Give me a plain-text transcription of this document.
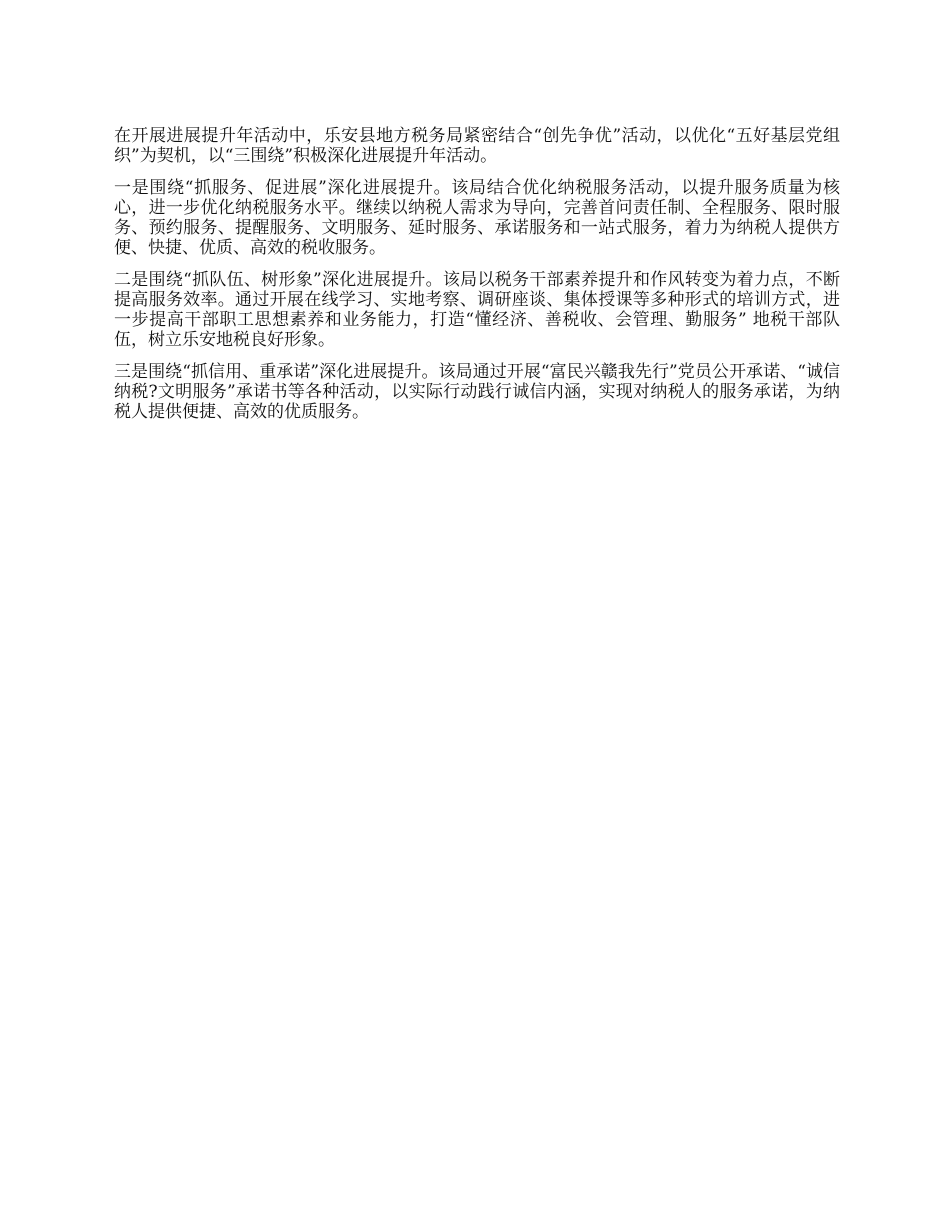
在开展进展提升年活动中，乐安县地方税务局紧密结合“创先争优”活动，以优化“五好基层党组织”为契机，以“三围绕”积极深化进展提升年活动。

一是围绕“抓服务、促进展”深化进展提升。该局结合优化纳税服务活动，以提升服务质量为核心，进一步优化纳税服务水平。继续以纳税人需求为导向，完善首问责任制、全程服务、限时服务、预约服务、提醒服务、文明服务、延时服务、承诺服务和一站式服务，着力为纳税人提供方便、快捷、优质、高效的税收服务。

二是围绕“抓队伍、树形象”深化进展提升。该局以税务干部素养提升和作风转变为着力点，不断提高服务效率。通过开展在线学习、实地考察、调研座谈、集体授课等多种形式的培训方式，进一步提高干部职工思想素养和业务能力，打造“懂经济、善税收、会管理、勤服务” 地税干部队伍，树立乐安地税良好形象。

三是围绕“抓信用、重承诺”深化进展提升。该局通过开展“富民兴赣我先行”党员公开承诺、“诚信纳税?文明服务”承诺书等各种活动，以实际行动践行诚信内涵，实现对纳税人的服务承诺，为纳税人提供便捷、高效的优质服务。
